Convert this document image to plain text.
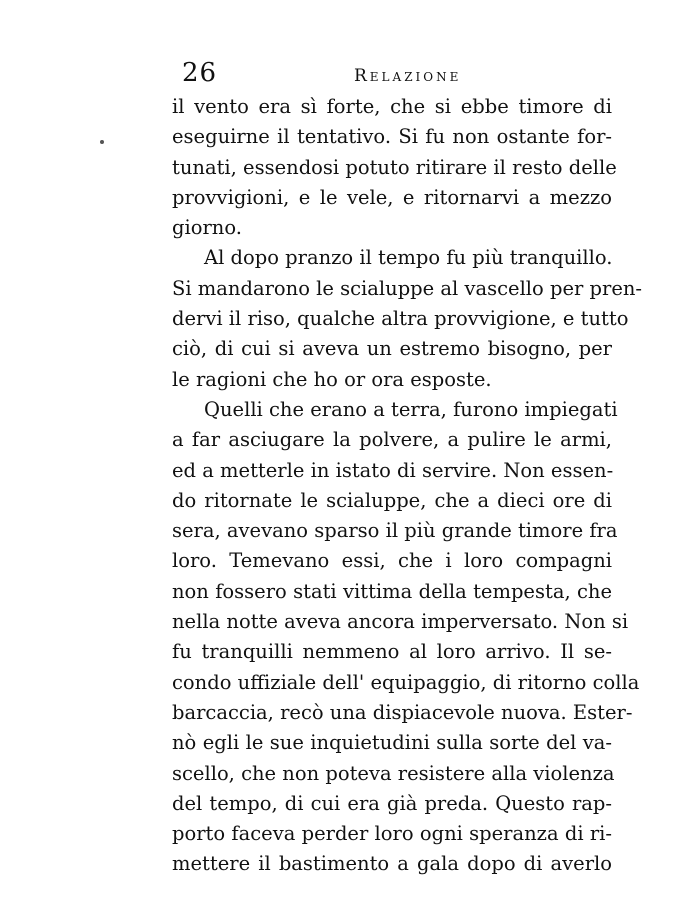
26	Relazione
il vento era sì forte, che si ebbe timore di
eseguirne il tentativo. Si fu non ostante for-
tunati, essendosi potuto ritirare il resto delle
provvigioni, e le vele, e ritornarvi a mezzo
giorno.
Al dopo pranzo il tempo fu più tranquillo.
Si mandarono le scialuppe al vascello per pren-
dervi il riso, qualche altra provvigione, e tutto
ciò, di cui si aveva un estremo bisogno, per
le ragioni che ho or ora esposte.
Quelli che erano a terra, furono impiegati
a far asciugare la polvere, a pulire le armi,
ed a metterle in istato di servire. Non essen-
do ritornate le scialuppe, che a dieci ore di
sera, avevano sparso il più grande timore fra
loro. Temevano essi, che i loro compagni
non fossero stati vittima della tempesta, che
nella notte aveva ancora imperversato. Non si
fu tranquilli nemmeno al loro arrivo. Il se-
condo uffiziale dell' equipaggio, di ritorno colla
barcaccia, recò una dispiacevole nuova. Ester-
nò egli le sue inquietudini sulla sorte del va-
scello, che non poteva resistere alla violenza
del tempo, di cui era già preda. Questo rap-
porto faceva perder loro ogni speranza di ri-
mettere il bastimento a gala dopo di averlo
